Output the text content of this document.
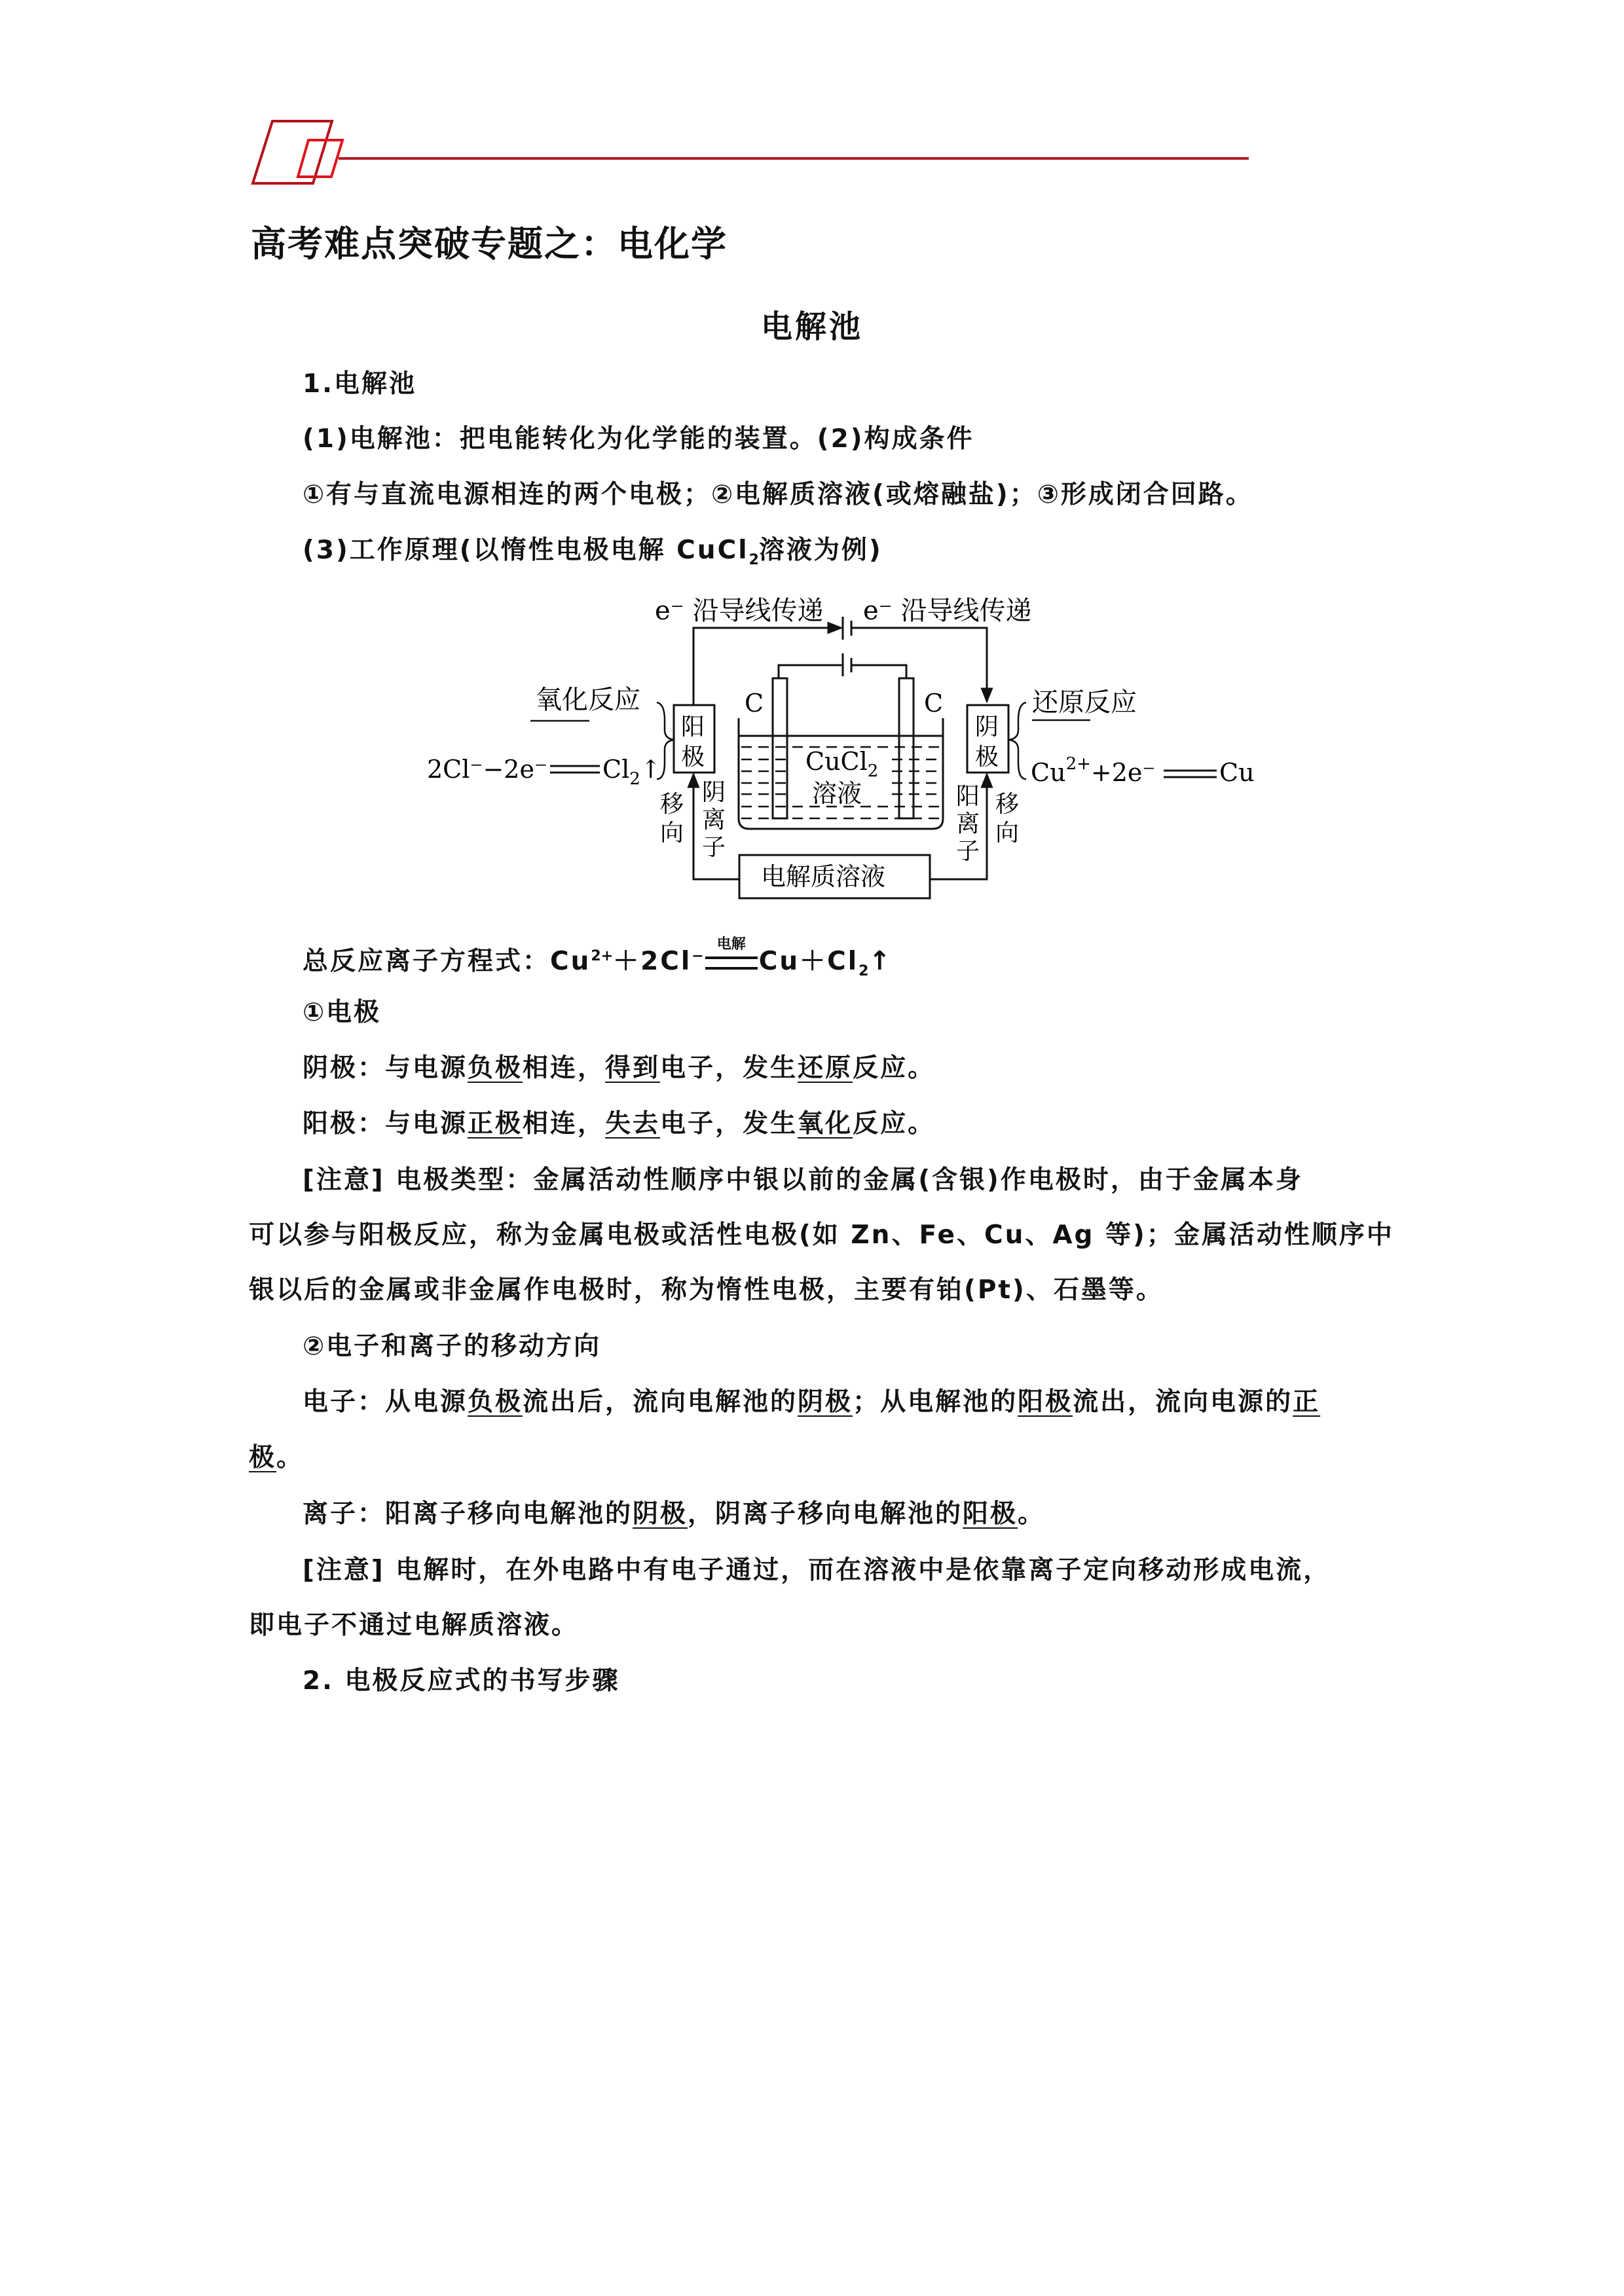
高考难点突破专题之：电化学
电解池
1.电解池
(1)电解池：把电能转化为化学能的装置。(2)构成条件
①有与直流电源相连的两个电极；②电解质溶液(或熔融盐)；③形成闭合回路。
(3)工作原理(以惰性电极电解 CuCl$_2$溶液为例)
e⁻ 沿导线传递 e⁻ 沿导线传递
C	C
CuCl$_2$
溶液
阳
极
氧化反应
2Cl⁻−2e⁻ $Cl_2↑$
移
向
阴
离
子
阴
极
还原反应
$Cu^{2+}+2e^-$	Cu
阳
离
子
移
向
电解质溶液
总反应离子方程式：$Cu^{2+}+2Cl^-$
电解
$Cu+Cl_2↑$
①电极
阴极：与电源负极相连，得到电子，发生还原反应。
阳极：与电源正极相连，失去电子，发生氧化反应。
[注意] 电极类型：金属活动性顺序中银以前的金属(含银)作电极时，由于金属本身
可以参与阳极反应，称为金属电极或活性电极(如 Zn、Fe、Cu、Ag 等)；金属活动性顺序中
银以后的金属或非金属作电极时，称为惰性电极，主要有铂(Pt)、石墨等。
②电子和离子的移动方向
电子：从电源负极流出后，流向电解池的阴极；从电解池的阳极流出，流向电源的正
极。
离子：阳离子移向电解池的阴极，阴离子移向电解池的阳极。
[注意] 电解时，在外电路中有电子通过，而在溶液中是依靠离子定向移动形成电流，
即电子不通过电解质溶液。
2. 电极反应式的书写步骤
